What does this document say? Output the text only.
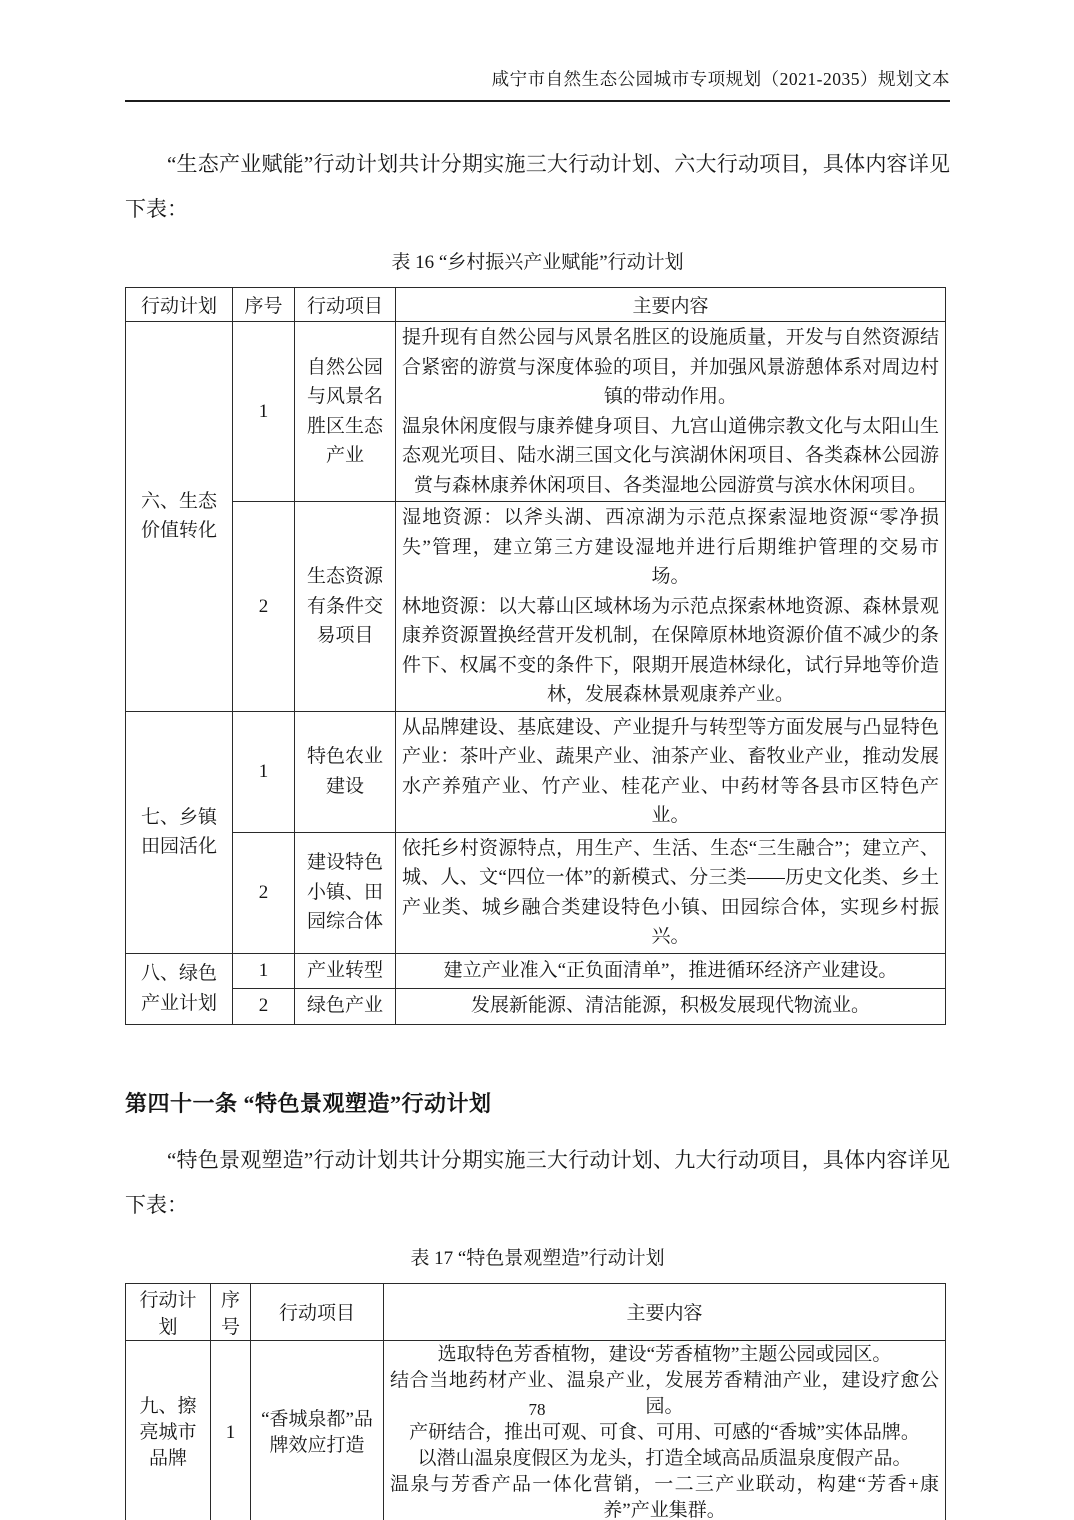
咸宁市自然生态公园城市专项规划（2021-2035）规划文本

“生态产业赋能”行动计划共计分期实施三大行动计划、六大行动项目，具体内容详见下表：

表 16 “乡村振兴产业赋能”行动计划
行动计划	序号	行动项目	主要内容
六、生态价值转化	1	自然公园与风景名胜区生态产业	提升现有自然公园与风景名胜区的设施质量，开发与自然资源结合紧密的游赏与深度体验的项目，并加强风景游憩体系对周边村镇的带动作用。

温泉休闲度假与康养健身项目、九宫山道佛宗教文化与太阳山生态观光项目、陆水湖三国文化与滨湖休闲项目、各类森林公园游赏与森林康养休闲项目、各类湿地公园游赏与滨水休闲项目。

	2	生态资源有条件交易项目	湿地资源：以斧头湖、西凉湖为示范点探索湿地资源“零净损失”管理，建立第三方建设湿地并进行后期维护管理的交易市场。

林地资源：以大幕山区域林场为示范点探索林地资源、森林景观康养资源置换经营开发机制，在保障原林地资源价值不减少的条件下、权属不变的条件下，限期开展造林绿化，试行异地等价造林，发展森林景观康养产业。

七、乡镇田园活化	1	特色农业建设	从品牌建设、基底建设、产业提升与转型等方面发展与凸显特色产业：茶叶产业、蔬果产业、油茶产业、畜牧业产业，推动发展水产养殖产业、竹产业、桂花产业、中药材等各县市区特色产业。

	2	建设特色小镇、田园综合体	依托乡村资源特点，用生产、生活、生态“三生融合”；建立产、城、人、文“四位一体”的新模式、分三类——历史文化类、乡土产业类、城乡融合类建设特色小镇、田园综合体，实现乡村振兴。

八、绿色产业计划	1	产业转型	建立产业准入“正负面清单”，推进循环经济产业建设。

	2	绿色产业	发展新能源、清洁能源，积极发展现代物流业。

第四十一条 “特色景观塑造”行动计划

“特色景观塑造”行动计划共计分期实施三大行动计划、九大行动项目，具体内容详见下表：

表 17 “特色景观塑造”行动计划
行动计划	序号	行动项目	主要内容
九、擦亮城市品牌	1	“香城泉都”品牌效应打造	选取特色芳香植物，建设“芳香植物”主题公园或园区。

结合当地药材产业、温泉产业，发展芳香精油产业，建设疗愈公园。

产研结合，推出可观、可食、可用、可感的“香城”实体品牌。

以潜山温泉度假区为龙头，打造全域高品质温泉度假产品。

温泉与芳香产品一体化营销，一二三产业联动，构建“芳香+康养”产业集群。

78
